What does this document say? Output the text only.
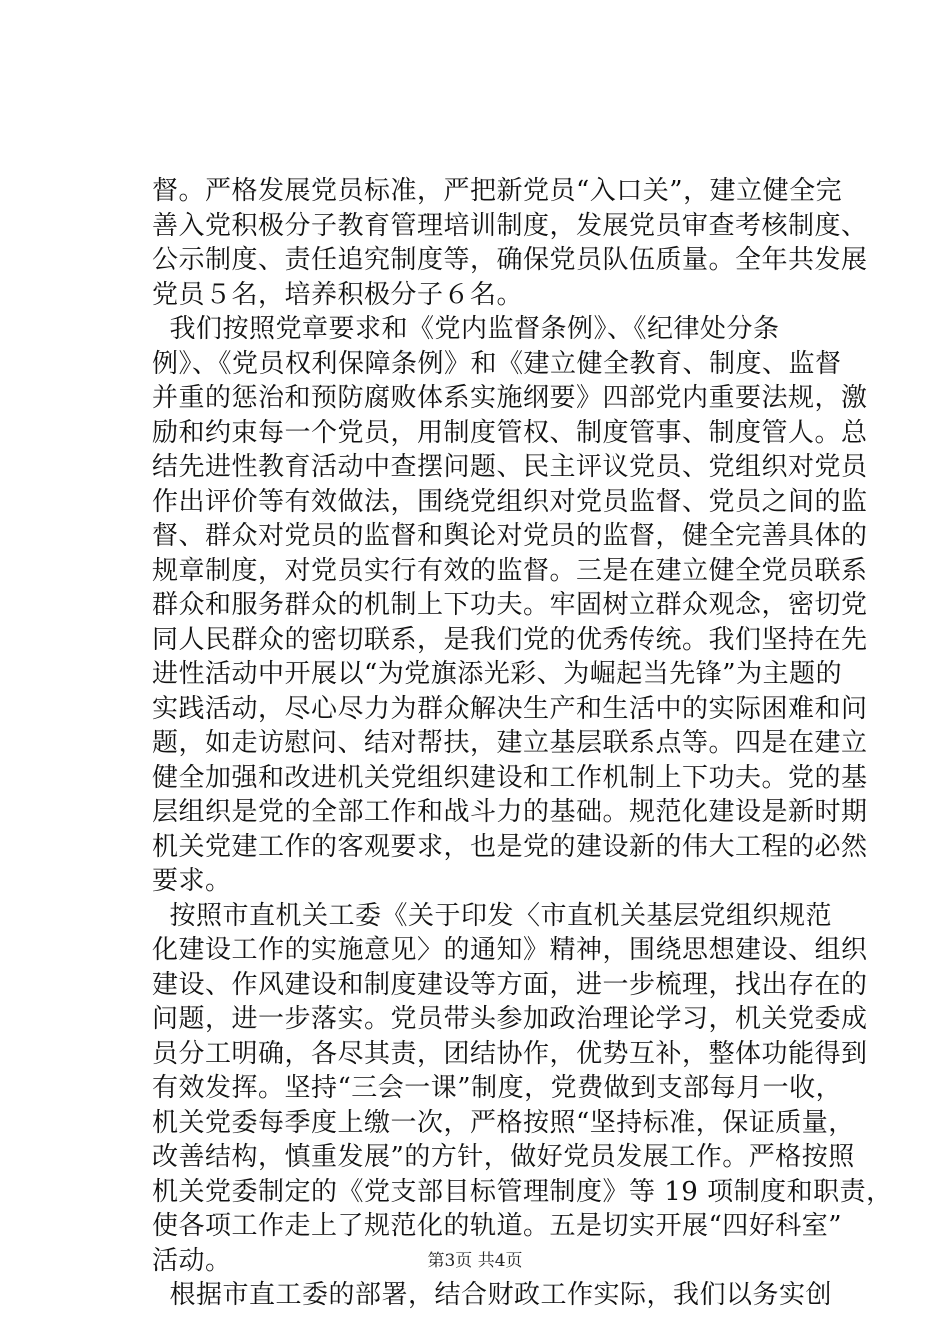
督。严格发展党员标准，严把新党员“入口关”，建立健全完
善入党积极分子教育管理培训制度，发展党员审查考核制度、
公示制度、责任追究制度等，确保党员队伍质量。全年共发展
党员５名，培养积极分子６名。
我们按照党章要求和《党内监督条例》、《纪律处分条
例》、《党员权利保障条例》和《建立健全教育、制度、监督
并重的惩治和预防腐败体系实施纲要》四部党内重要法规，激
励和约束每一个党员，用制度管权、制度管事、制度管人。总
结先进性教育活动中查摆问题、民主评议党员、党组织对党员
作出评价等有效做法，围绕党组织对党员监督、党员之间的监
督、群众对党员的监督和舆论对党员的监督，健全完善具体的
规章制度，对党员实行有效的监督。三是在建立健全党员联系
群众和服务群众的机制上下功夫。牢固树立群众观念，密切党
同人民群众的密切联系，是我们党的优秀传统。我们坚持在先
进性活动中开展以“为党旗添光彩、为崛起当先锋”为主题的
实践活动，尽心尽力为群众解决生产和生活中的实际困难和问
题，如走访慰问、结对帮扶，建立基层联系点等。四是在建立
健全加强和改进机关党组织建设和工作机制上下功夫。党的基
层组织是党的全部工作和战斗力的基础。规范化建设是新时期
机关党建工作的客观要求，也是党的建设新的伟大工程的必然
要求。
按照市直机关工委《关于印发〈市直机关基层党组织规范
化建设工作的实施意见〉的通知》精神，围绕思想建设、组织
建设、作风建设和制度建设等方面，进一步梳理，找出存在的
问题，进一步落实。党员带头参加政治理论学习，机关党委成
员分工明确，各尽其责，团结协作，优势互补，整体功能得到
有效发挥。坚持“三会一课”制度，党费做到支部每月一收，
机关党委每季度上缴一次，严格按照“坚持标准，保证质量，
改善结构，慎重发展”的方针，做好党员发展工作。严格按照
机关党委制定的《党支部目标管理制度》等 19 项制度和职责，
使各项工作走上了规范化的轨道。五是切实开展“四好科室”
活动。
根据市直工委的部署，结合财政工作实际，我们以务实创
第3页 共4页
